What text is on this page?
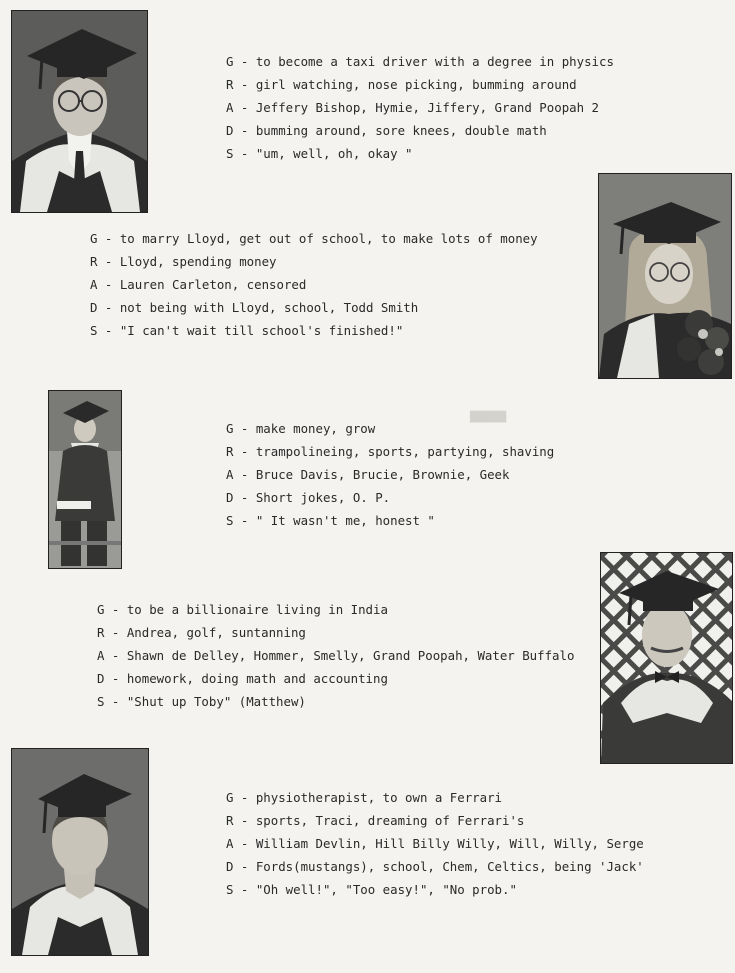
██████
G - to become a taxi driver with a degree in physics
R - girl watching, nose picking, bumming around
A - Jeffery Bishop, Hymie, Jiffery, Grand Poopah 2
D - bumming around, sore knees, double math
S - "um, well, oh, okay "
G - to marry Lloyd, get out of school, to make lots of money
R - Lloyd, spending money
A - Lauren Carleton, censored
D - not being with Lloyd, school, Todd Smith
S - "I can't wait till school's finished!"
G - make money, grow
R - trampolineing, sports, partying, shaving
A - Bruce Davis, Brucie, Brownie, Geek
D - Short jokes, O. P.
S - " It wasn't me, honest "
G - to be a billionaire living in India
R - Andrea, golf, suntanning
A - Shawn de Delley, Hommer, Smelly, Grand Poopah, Water Buffalo
D - homework, doing math and accounting
S - "Shut up Toby" (Matthew)
G - physiotherapist, to own a Ferrari
R - sports, Traci, dreaming of Ferrari's
A - William Devlin, Hill Billy Willy, Will, Willy, Serge
D - Fords(mustangs), school, Chem, Celtics, being 'Jack'
S - "Oh well!", "Too easy!", "No prob."
